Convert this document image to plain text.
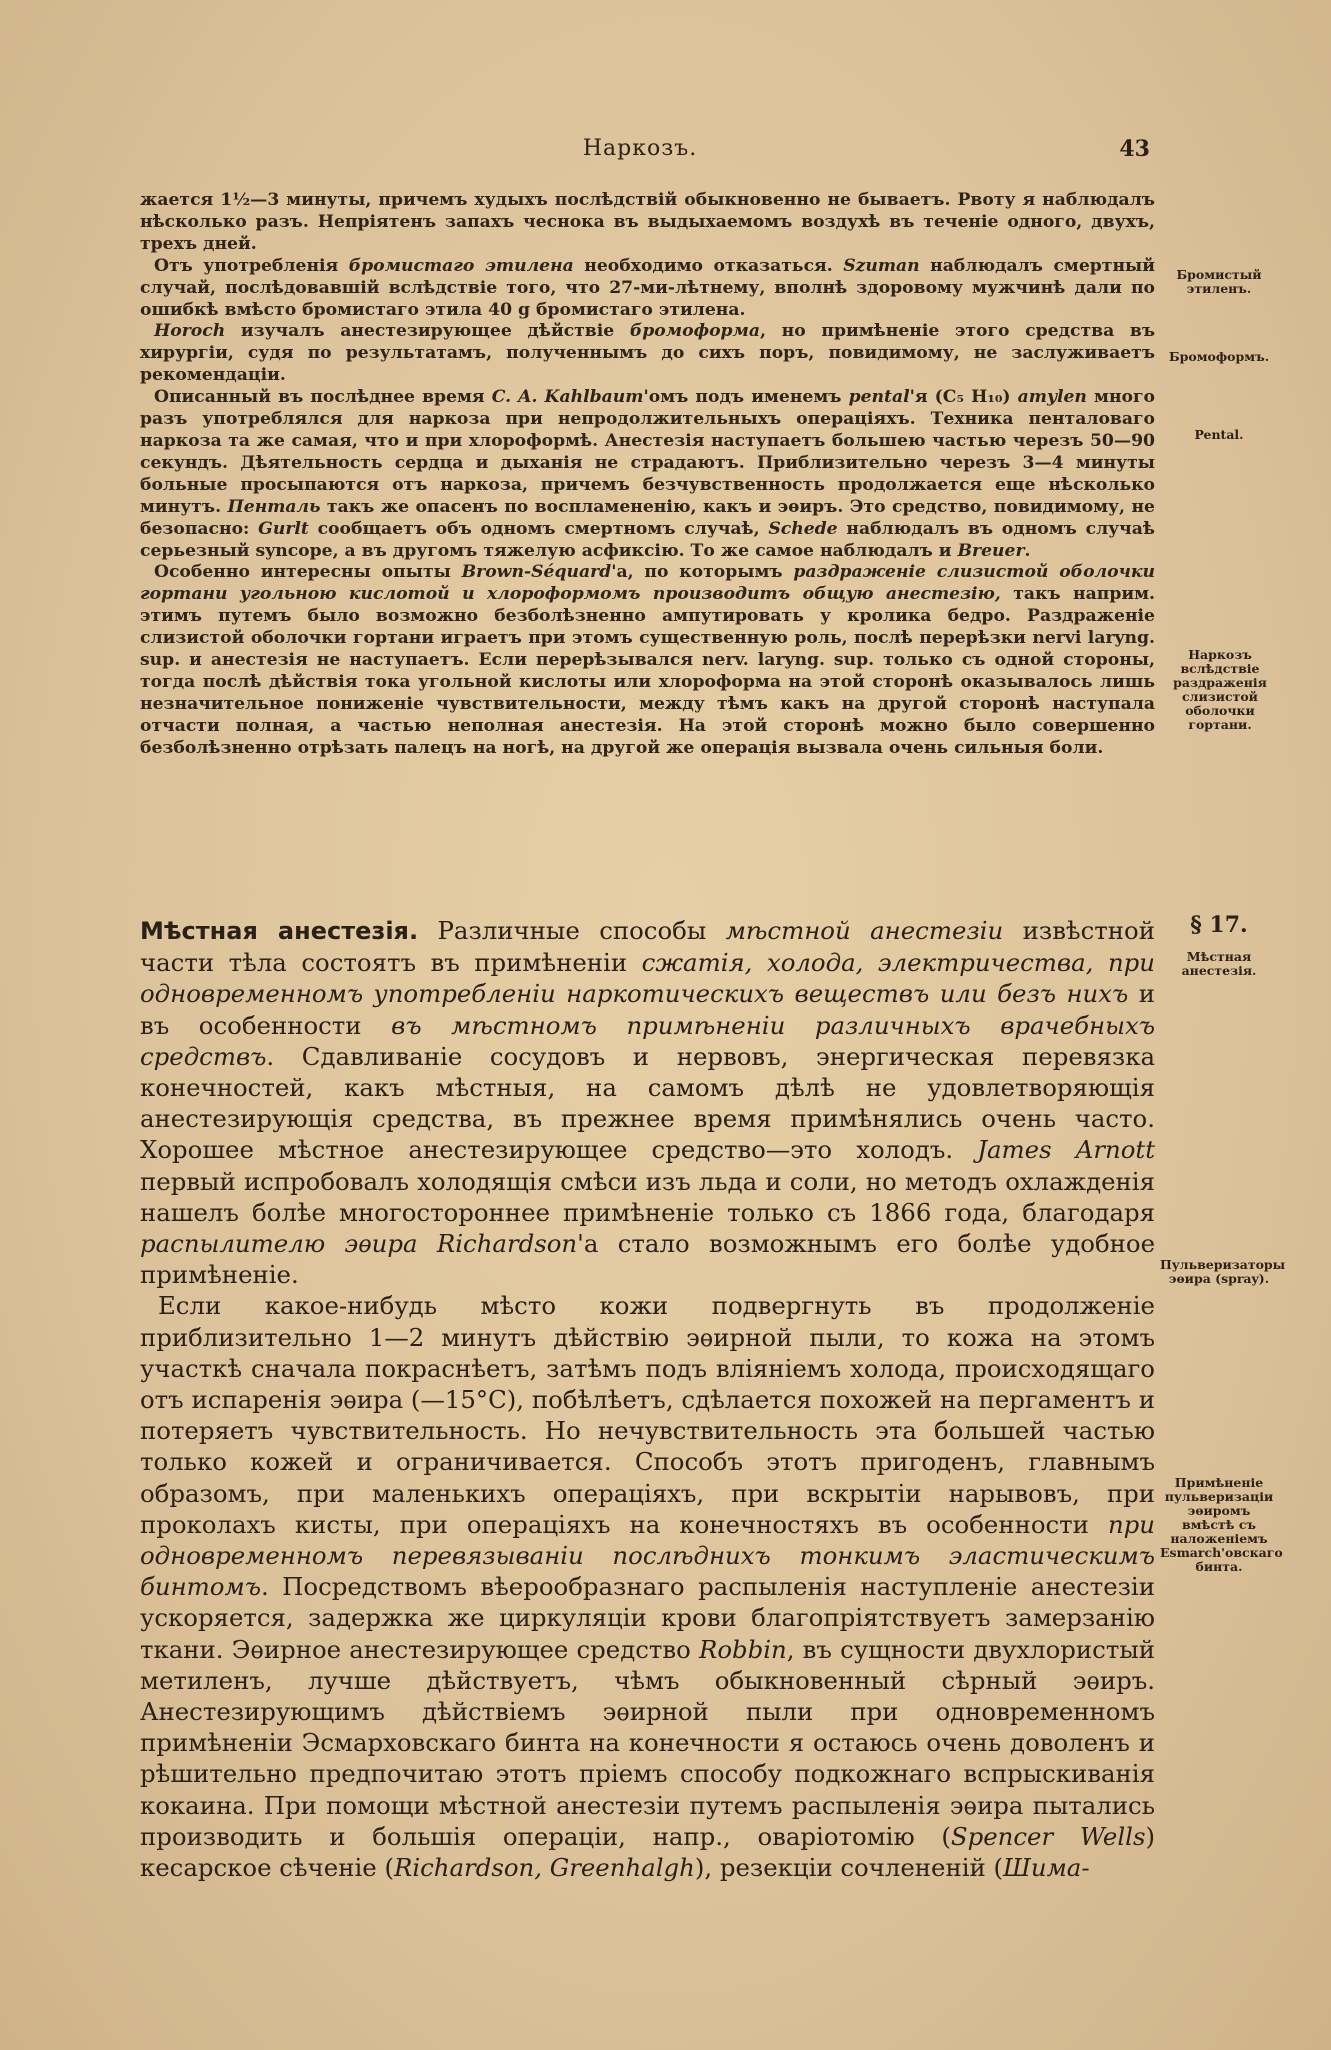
Наркозъ.	43

жается 1½—3 минуты, причемъ худыхъ послѣдствій обыкновенно не бываетъ. Рвоту я наблюдалъ нѣсколько разъ. Непріятенъ запахъ чеснока въ выдыхаемомъ воздухѣ въ теченіе одного, двухъ, трехъ дней.

Отъ употребленія бромистаго этилена необходимо отказаться. Szuman наблюдалъ смертный случай, послѣдовавшій вслѣдствіе того, что 27-ми-лѣтнему, вполнѣ здоровому мужчинѣ дали по ошибкѣ вмѣсто бромистаго этила 40 g бромистаго этилена.

Horoch изучалъ анестезирующее дѣйствіе бромоформа, но примѣненіе этого средства въ хирургіи, судя по результатамъ, полученнымъ до сихъ поръ, повидимому, не заслуживаетъ рекомендаціи.

Описанный въ послѣднее время C. A. Kahlbaum'омъ подъ именемъ pental'я (C₅ H₁₀) amylen много разъ употреблялся для наркоза при непродолжительныхъ операціяхъ. Техника пенталоваго наркоза та же самая, что и при хлороформѣ. Анестезія наступаетъ большею частью черезъ 50—90 секундъ. Дѣятельность сердца и дыханія не страдаютъ. Приблизительно черезъ 3—4 минуты больные просыпаются отъ наркоза, причемъ безчувственность продолжается еще нѣсколько минутъ. Пенталь такъ же опасенъ по воспламененію, какъ и эѳиръ. Это средство, повидимому, не безопасно: Gurlt сообщаетъ объ одномъ смертномъ случаѣ, Schede наблюдалъ въ одномъ случаѣ серьезный syncope, а въ другомъ тяжелую асфиксію. То же самое наблюдалъ и Breuer.

Особенно интересны опыты Brown-Séquard'а, по которымъ раздраженіе слизистой оболочки гортани угольною кислотой и хлороформомъ производитъ общую анестезію, такъ наприм. этимъ путемъ было возможно безболѣзненно ампутировать у кролика бедро. Раздраженіе слизистой оболочки гортани играетъ при этомъ существенную роль, послѣ перерѣзки nervi laryng. sup. и анестезія не наступаетъ. Если перерѣзывался nerv. laryng. sup. только съ одной стороны, тогда послѣ дѣйствія тока угольной кислоты или хлороформа на этой сторонѣ оказывалось лишь незначительное пониженіе чувствительности, между тѣмъ какъ на другой сторонѣ наступала отчасти полная, а частью неполная анестезія. На этой сторонѣ можно было совершенно безболѣзненно отрѣзать палецъ на ногѣ, на другой же операція вызвала очень сильныя боли.

Мѣстная анестезія. Различные способы мѣстной анестезіи извѣстной части тѣла состоятъ въ примѣненіи сжатія, холода, электричества, при одновременномъ употребленіи наркотическихъ веществъ или безъ нихъ и въ особенности въ мѣстномъ примѣненіи различныхъ врачебныхъ средствъ. Сдавливаніе сосудовъ и нервовъ, энергическая перевязка конечностей, какъ мѣстныя, на самомъ дѣлѣ не удовлетворяющія анестезирующія средства, въ прежнее время примѣнялись очень часто. Хорошее мѣстное анестезирующее средство—это холодъ. James Arnott первый испробовалъ холодящія смѣси изъ льда и соли, но методъ охлажденія нашелъ болѣе многостороннее примѣненіе только съ 1866 года, благодаря распылителю эѳира Richardson'а стало возможнымъ его болѣе удобное примѣненіе.

Если какое-нибудь мѣсто кожи подвергнуть въ продолженіе приблизительно 1—2 минутъ дѣйствію эѳирной пыли, то кожа на этомъ участкѣ сначала покраснѣетъ, затѣмъ подъ вліяніемъ холода, происходящаго отъ испаренія эѳира (—15°C), побѣлѣетъ, сдѣлается похожей на пергаментъ и потеряетъ чувствительность. Но нечувствительность эта большей частью только кожей и ограничивается. Способъ этотъ пригоденъ, главнымъ образомъ, при маленькихъ операціяхъ, при вскрытіи нарывовъ, при проколахъ кисты, при операціяхъ на конечностяхъ въ особенности при одновременномъ перевязываніи послѣднихъ тонкимъ эластическимъ бинтомъ. Посредствомъ вѣерообразнаго распыленія наступленіе анестезіи ускоряется, задержка же циркуляціи крови благопріятствуетъ замерзанію ткани. Эѳирное анестезирующее средство Robbin, въ сущности двухлористый метиленъ, лучше дѣйствуетъ, чѣмъ обыкновенный сѣрный эѳиръ. Анестезирующимъ дѣйствіемъ эѳирной пыли при одновременномъ примѣненіи Эсмарховскаго бинта на конечности я остаюсь очень доволенъ и рѣшительно предпочитаю этотъ пріемъ способу подкожнаго вспрыскиванія кокаина. При помощи мѣстной анестезіи путемъ распыленія эѳира пытались производить и большія операціи, напр., оваріотомію (Spencer Wells) кесарское сѣченіе (Richardson, Greenhalgh), резекціи сочлененій (Шима-

Бромистый этиленъ.
Бромоформъ.
Pental.
Наркозъ вслѣдствіе раздраженія слизистой оболочки гортани.
§ 17.
Мѣстная анестезія.
Пульверизаторы эѳира (spray).
Примѣненіе пульверизаціи эѳиромъ вмѣстѣ съ наложеніемъ Esmarch'овскаго бинта.
